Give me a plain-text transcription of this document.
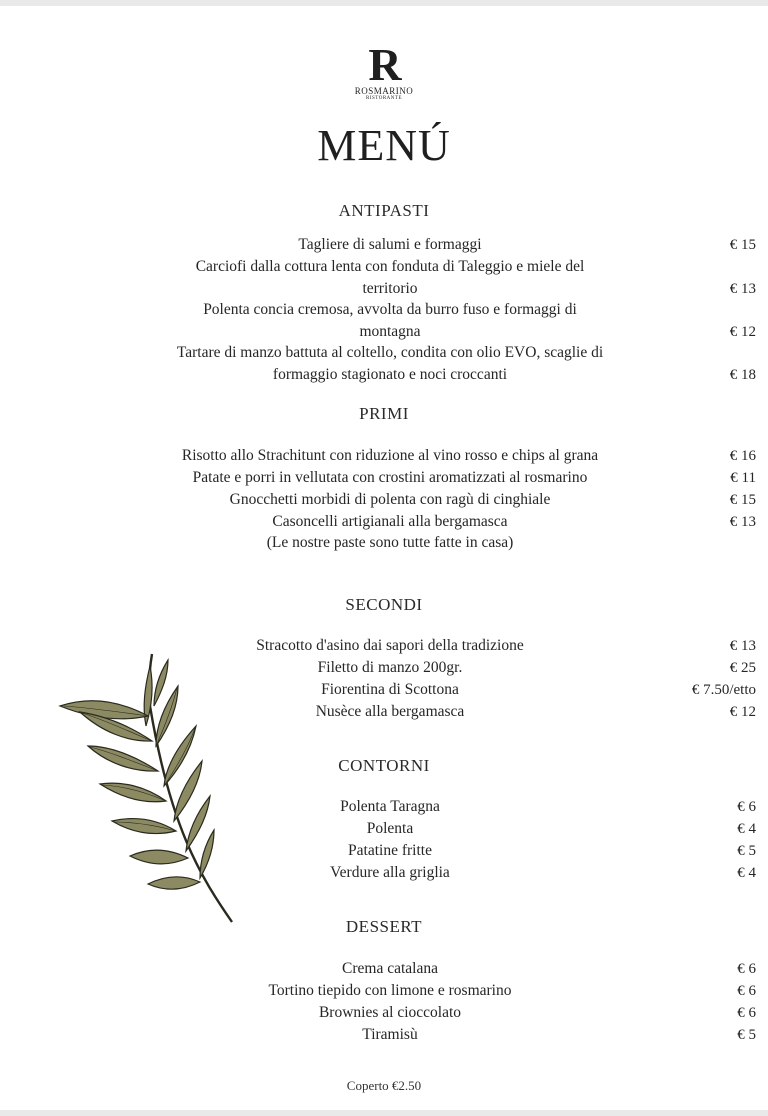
R
ROSMARINO
RISTORANTE
MENÚ
ANTIPASTI
Tagliere di salumi e formaggi	€ 15
Carciofi dalla cottura lenta con fonduta di Taleggio e miele del
territorio	€ 13
Polenta concia cremosa, avvolta da burro fuso e formaggi di
montagna	€ 12
Tartare di manzo battuta al coltello, condita con olio EVO, scaglie di
formaggio stagionato e noci croccanti	€ 18
PRIMI
Risotto allo Strachitunt con riduzione al vino rosso e chips al grana	€ 16
Patate e porri in vellutata con crostini aromatizzati al rosmarino	€ 11
Gnocchetti morbidi di polenta con ragù di cinghiale	€ 15
Casoncelli artigianali alla bergamasca	€ 13
(Le nostre paste sono tutte fatte in casa)
SECONDI
Stracotto d'asino dai sapori della tradizione	€ 13
Filetto di manzo 200gr.	€ 25
Fiorentina di Scottona	€ 7.50/etto
Nusèce alla bergamasca	€ 12
CONTORNI
Polenta Taragna	€ 6
Polenta	€ 4
Patatine fritte	€ 5
Verdure alla griglia	€ 4
DESSERT
Crema catalana	€ 6
Tortino tiepido con limone e rosmarino	€ 6
Brownies al cioccolato	€ 6
Tiramisù	€ 5
Coperto €2.50
